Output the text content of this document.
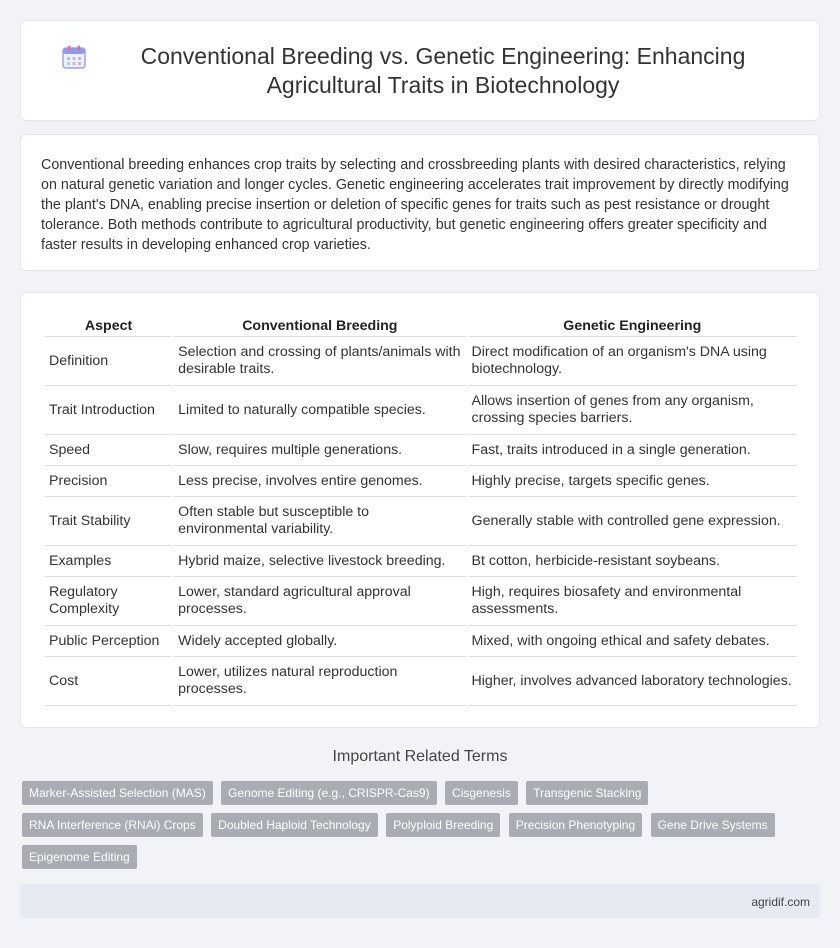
Conventional Breeding vs. Genetic Engineering: Enhancing Agricultural Traits in Biotechnology

Conventional breeding enhances crop traits by selecting and crossbreeding plants with desired characteristics, relying on natural genetic variation and longer cycles. Genetic engineering accelerates trait improvement by directly modifying the plant's DNA, enabling precise insertion or deletion of specific genes for traits such as pest resistance or drought tolerance. Both methods contribute to agricultural productivity, but genetic engineering offers greater specificity and faster results in developing enhanced crop varieties.

Aspect	Conventional Breeding	Genetic Engineering
Definition	Selection and crossing of plants/animals with desirable traits.	Direct modification of an organism's DNA using biotechnology.
Trait Introduction	Limited to naturally compatible species.	Allows insertion of genes from any organism, crossing species barriers.
Speed	Slow, requires multiple generations.	Fast, traits introduced in a single generation.
Precision	Less precise, involves entire genomes.	Highly precise, targets specific genes.
Trait Stability	Often stable but susceptible to environmental variability.	Generally stable with controlled gene expression.
Examples	Hybrid maize, selective livestock breeding.	Bt cotton, herbicide-resistant soybeans.
Regulatory Complexity	Lower, standard agricultural approval processes.	High, requires biosafety and environmental assessments.
Public Perception	Widely accepted globally.	Mixed, with ongoing ethical and safety debates.
Cost	Lower, utilizes natural reproduction processes.	Higher, involves advanced laboratory technologies.
Important Related Terms
Marker-Assisted Selection (MAS) Genome Editing (e.g., CRISPR-Cas9) Cisgenesis Transgenic Stacking RNA Interference (RNAi) Crops Doubled Haploid Technology Polyploid Breeding Precision Phenotyping Gene Drive Systems Epigenome Editing
agridif.com
